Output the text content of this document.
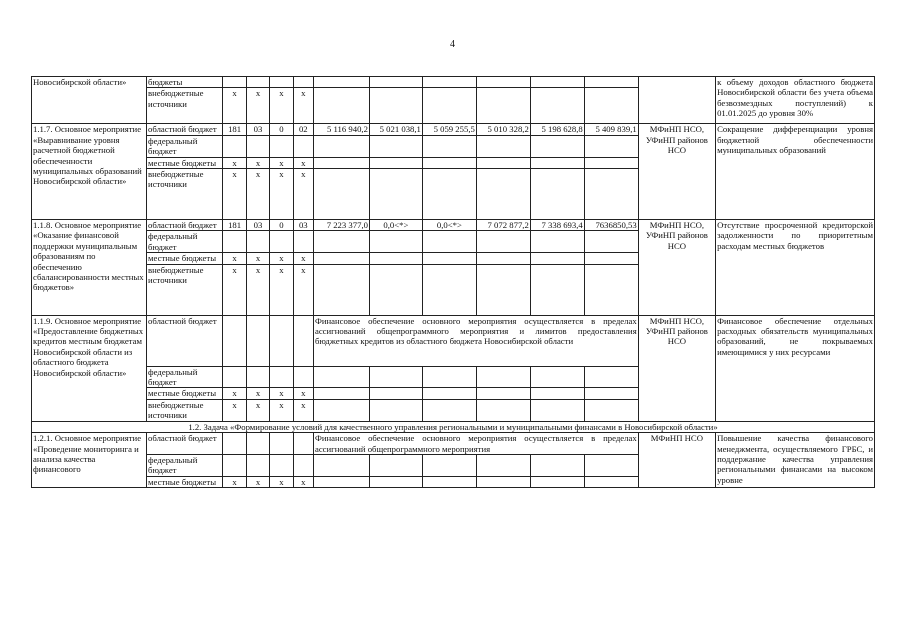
4
Новосибирской области»	бюджеты												к объему доходов областного бюджета Новосибирской области без учета объема безвозмездных поступлений) к 01.01.2025 до уровня 30%
	внебюджетные источники	x	x	x	x								
1.1.7. Основное мероприятие «Выравнивание уровня расчетной бюджетной обеспеченности муниципальных образований Новосибирской области»	областной бюджет	181	03	0	02	5 116 940,2	5 021 038,1	5 059 255,5	5 010 328,2	5 198 628,8	5 409 839,1	МФиНП НСО, УФиНП районов НСО	Сокращение дифференциации уровня бюджетной обеспеченности муниципальных образований
	федеральный бюджет												
	местные бюджеты	x	x	x	x								
	внебюджетные источники	x	x	x	x								
1.1.8. Основное мероприятие «Оказание финансовой поддержки муниципальным образованиям по обеспечению сбалансированности местных бюджетов»	областной бюджет	181	03	0	03	7 223 377,0	0,0<*>	0,0<*>	7 072 877,2	7 338 693,4	7636850,53	МФиНП НСО, УФиНП районов НСО	Отсутствие просроченной кредиторской задолженности по приоритетным расходам местных бюджетов
	федеральный бюджет												
	местные бюджеты	x	x	x	x								
	внебюджетные источники	x	x	x	x								
1.1.9. Основное мероприятие «Предоставление бюджетных кредитов местным бюджетам Новосибирской области из областного бюджета Новосибирской области»	областной бюджет					Финансовое обеспечение основного мероприятия осуществляется в пределах ассигнований общепрограммного мероприятия и лимитов предоставления бюджетных кредитов из областного бюджета Новосибирской области						МФиНП НСО, УФиНП районов НСО	Финансовое обеспечение отдельных расходных обязательств муниципальных образований, не покрываемых имеющимися у них ресурсами
	федеральный бюджет												
	местные бюджеты	x	x	x	x								
	внебюджетные источники	x	x	x	x								
1.2. Задача «Формирование условий для качественного управления региональными и муниципальными финансами в Новосибирской области»													
1.2.1. Основное мероприятие «Проведение мониторинга и анализа качества финансового	областной бюджет					Финансовое обеспечение основного мероприятия осуществляется в пределах ассигнований общепрограммного мероприятия						МФиНП НСО	Повышение качества финансового менеджмента, осуществляемого ГРБС, и поддержание качества управления региональными финансами на высоком уровне
	федеральный бюджет												
	местные бюджеты	x	x	x	x								
